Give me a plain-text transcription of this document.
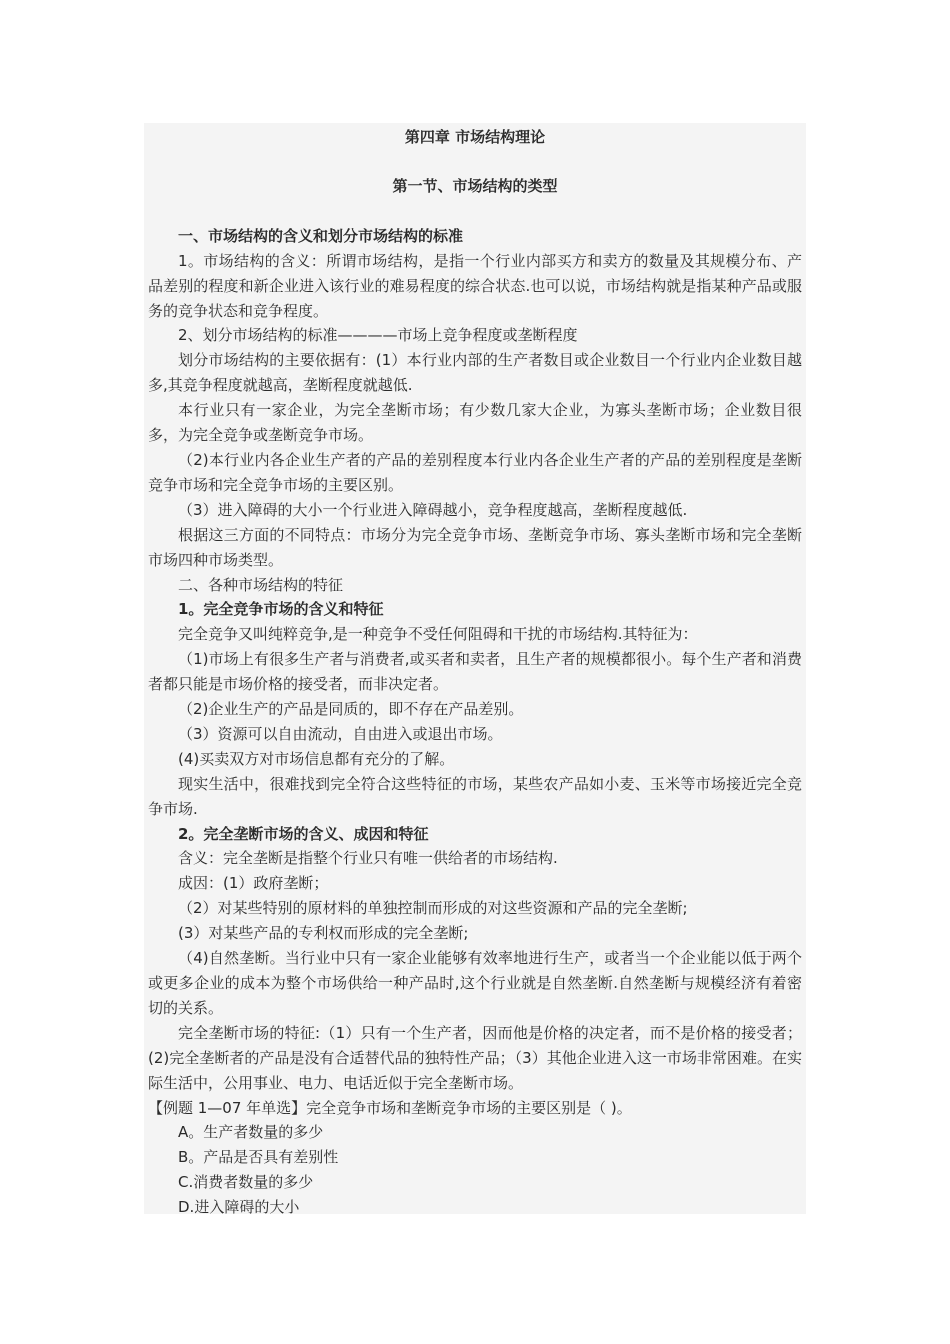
第四章 市场结构理论

第一节、市场结构的类型

一、市场结构的含义和划分市场结构的标准

1。市场结构的含义：所谓市场结构，是指一个行业内部买方和卖方的数量及其规模分布、产品差别的程度和新企业进入该行业的难易程度的综合状态.也可以说，市场结构就是指某种产品或服务的竞争状态和竞争程度。

2、划分市场结构的标准————市场上竞争程度或垄断程度

划分市场结构的主要依据有：(1）本行业内部的生产者数目或企业数目一个行业内企业数目越多,其竞争程度就越高，垄断程度就越低.

本行业只有一家企业，为完全垄断市场；有少数几家大企业，为寡头垄断市场；企业数目很多，为完全竞争或垄断竞争市场。

（2)本行业内各企业生产者的产品的差别程度本行业内各企业生产者的产品的差别程度是垄断竞争市场和完全竞争市场的主要区别。

（3）进入障碍的大小一个行业进入障碍越小，竞争程度越高，垄断程度越低.

根据这三方面的不同特点：市场分为完全竞争市场、垄断竞争市场、寡头垄断市场和完全垄断市场四种市场类型。

二、各种市场结构的特征

1。完全竞争市场的含义和特征

完全竞争又叫纯粹竞争,是一种竞争不受任何阻碍和干扰的市场结构.其特征为：

（1)市场上有很多生产者与消费者,或买者和卖者，且生产者的规模都很小。每个生产者和消费者都只能是市场价格的接受者，而非决定者。

（2)企业生产的产品是同质的，即不存在产品差别。

（3）资源可以自由流动，自由进入或退出市场。

(4)买卖双方对市场信息都有充分的了解。

现实生活中，很难找到完全符合这些特征的市场，某些农产品如小麦、玉米等市场接近完全竞争市场.

2。完全垄断市场的含义、成因和特征

含义：完全垄断是指整个行业只有唯一供给者的市场结构.

成因：(1）政府垄断；

（2）对某些特别的原材料的单独控制而形成的对这些资源和产品的完全垄断;

(3）对某些产品的专利权而形成的完全垄断;

（4)自然垄断。当行业中只有一家企业能够有效率地进行生产，或者当一个企业能以低于两个或更多企业的成本为整个市场供给一种产品时,这个行业就是自然垄断.自然垄断与规模经济有着密切的关系。

完全垄断市场的特征:（1）只有一个生产者，因而他是价格的决定者，而不是价格的接受者；(2)完全垄断者的产品是没有合适替代品的独特性产品；（3）其他企业进入这一市场非常困难。在实际生活中，公用事业、电力、电话近似于完全垄断市场。

【例题 1—07 年单选】完全竞争市场和垄断竞争市场的主要区别是（ )。

A。生产者数量的多少

B。产品是否具有差别性

C.消费者数量的多少

D.进入障碍的大小
